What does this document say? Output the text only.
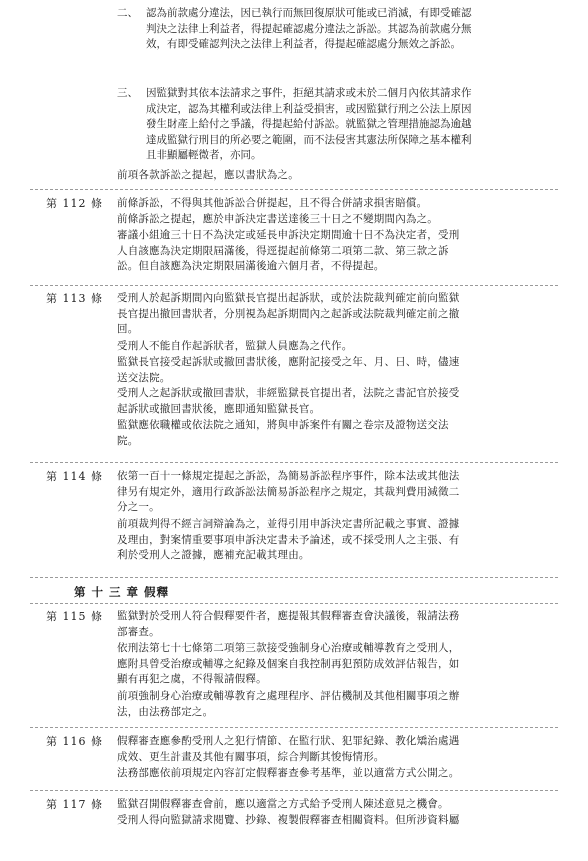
二、 認為前款處分違法，因已執行而無回復原狀可能或已消滅，有即受確認判決之法律上利益者，得提起確認處分違法之訴訟。其認為前款處分無效，有即受確認判決之法律上利益者，得提起確認處分無效之訴訟。

三、 因監獄對其依本法請求之事件，拒絕其請求或未於二個月內依其請求作成決定，認為其權利或法律上利益受損害，或因監獄行刑之公法上原因發生財產上給付之爭議，得提起給付訴訟。就監獄之管理措施認為逾越達成監獄行刑目的所必要之範圍，而不法侵害其憲法所保障之基本權利且非顯屬輕微者，亦同。

前項各款訴訟之提起，應以書狀為之。

第 112 條 前條訴訟，不得與其他訴訟合併提起，且不得合併請求損害賠償。

前條訴訟之提起，應於申訴決定書送達後三十日之不變期間內為之。

審議小組逾三十日不為決定或延長申訴決定期間逾十日不為決定者，受刑人自該應為決定期限屆滿後，得逕提起前條第二項第二款、第三款之訴訟。但自該應為決定期限屆滿後逾六個月者，不得提起。

第 113 條 受刑人於起訴期間內向監獄長官提出起訴狀，或於法院裁判確定前向監獄長官提出撤回書狀者，分別視為起訴期間內之起訴或法院裁判確定前之撤回。

受刑人不能自作起訴狀者，監獄人員應為之代作。

監獄長官接受起訴狀或撤回書狀後，應附記接受之年、月、日、時，儘速送交法院。

受刑人之起訴狀或撤回書狀，非經監獄長官提出者，法院之書記官於接受起訴狀或撤回書狀後，應即通知監獄長官。

監獄應依職權或依法院之通知，將與申訴案件有關之卷宗及證物送交法院。

第 114 條 依第一百十一條規定提起之訴訟，為簡易訴訟程序事件，除本法或其他法律另有規定外，適用行政訴訟法簡易訴訟程序之規定，其裁判費用減徵二分之一。

前項裁判得不經言詞辯論為之，並得引用申訴決定書所記載之事實、證據及理由，對案情重要事項申訴決定書未予論述，或不採受刑人之主張、有利於受刑人之證據，應補充記載其理由。

第 十 三 章 假釋

第 115 條 監獄對於受刑人符合假釋要件者，應提報其假釋審查會決議後，報請法務部審查。

依刑法第七十七條第二項第三款接受強制身心治療或輔導教育之受刑人，應附具曾受治療或輔導之紀錄及個案自我控制再犯預防成效評估報告，如顯有再犯之虞，不得報請假釋。

前項強制身心治療或輔導教育之處理程序、評估機制及其他相關事項之辦法，由法務部定之。

第 116 條 假釋審查應參酌受刑人之犯行情節、在監行狀、犯罪紀錄、教化矯治處遇成效、更生計畫及其他有關事項，綜合判斷其悛悔情形。

法務部應依前項規定內容訂定假釋審查參考基準，並以適當方式公開之。

第 117 條 監獄召開假釋審查會前，應以適當之方式給予受刑人陳述意見之機會。

受刑人得向監獄請求閱覽、抄錄、複製假釋審查相關資料。但所涉資料屬
